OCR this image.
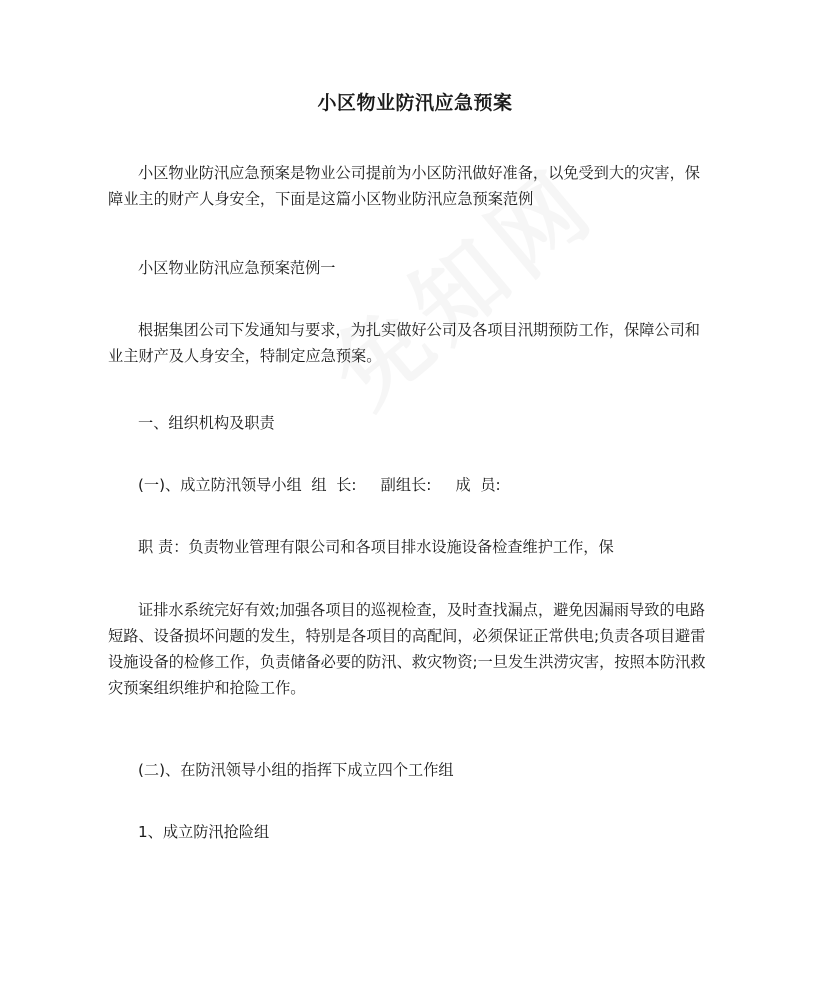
小区物业防汛应急预案

小区物业防汛应急预案是物业公司提前为小区防汛做好准备，以免受到大的灾害，保
障业主的财产人身安全，下面是这篇小区物业防汛应急预案范例

小区物业防汛应急预案范例一

根据集团公司下发通知与要求，为扎实做好公司及各项目汛期预防工作，保障公司和
业主财产及人身安全，特制定应急预案。

一、组织机构及职责

(一)、成立防汛领导小组  组  长:     副组长:     成  员:

职 责：负责物业管理有限公司和各项目排水设施设备检查维护工作，保

证排水系统完好有效;加强各项目的巡视检查，及时查找漏点，避免因漏雨导致的电路
短路、设备损坏问题的发生，特别是各项目的高配间，必须保证正常供电;负责各项目避雷
设施设备的检修工作，负责储备必要的防汛、救灾物资;一旦发生洪涝灾害，按照本防汛救
灾预案组织维护和抢险工作。

(二)、在防汛领导小组的指挥下成立四个工作组

1、成立防汛抢险组
